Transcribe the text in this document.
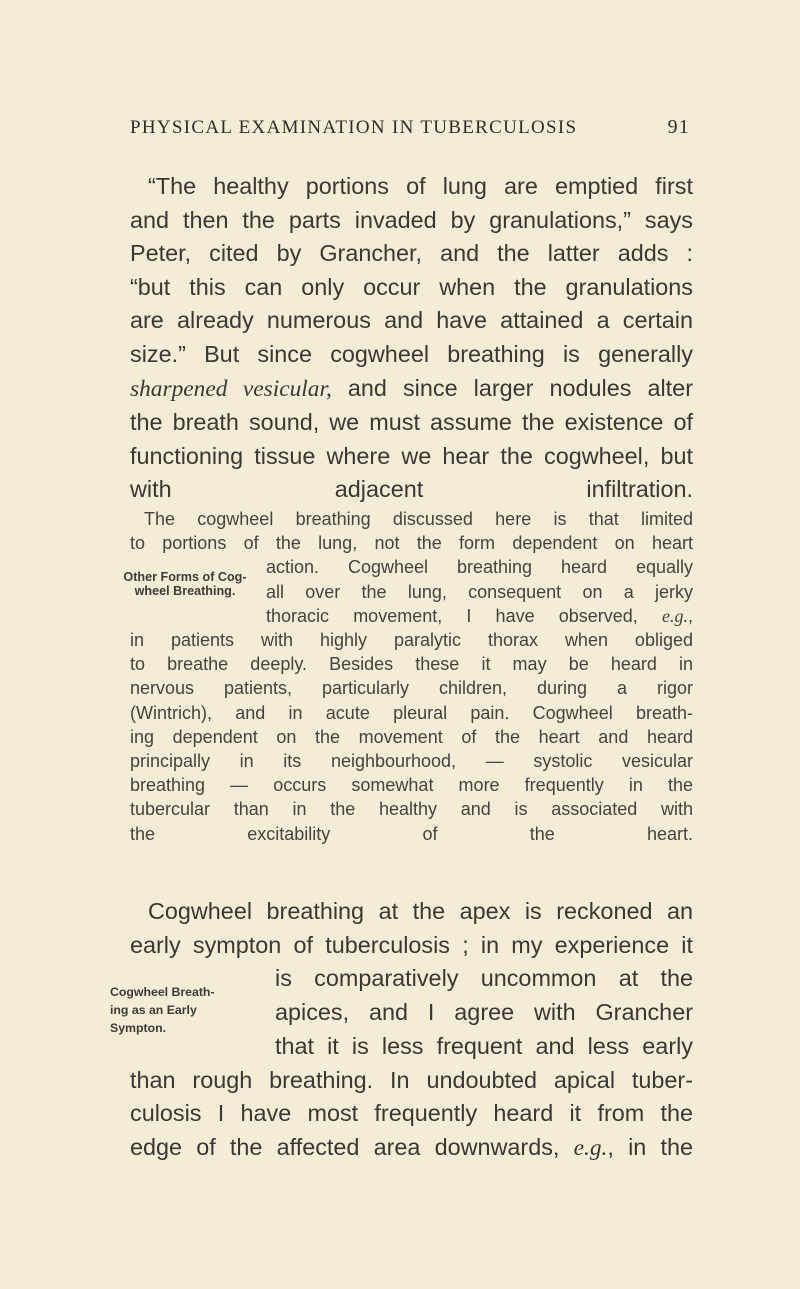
PHYSICAL EXAMINATION IN TUBERCULOSIS	91
“The healthy portions of lung are emptied first
and then the parts invaded by granulations,” says
Peter, cited by Grancher, and the latter adds :
“but this can only occur when the granulations
are already numerous and have attained a certain
size.” But since cogwheel breathing is generally
sharpened vesicular, and since larger nodules alter
the breath sound, we must assume the existence of
functioning tissue where we hear the cogwheel, but
with adjacent infiltration.
The cogwheel breathing discussed here is that limited
to portions of the lung, not the form dependent on heart
action. Cogwheel breathing heard equally
all over the lung, consequent on a jerky
thoracic movement, I have observed, e.g.,
in patients with highly paralytic thorax when obliged
to breathe deeply. Besides these it may be heard in
nervous patients, particularly children, during a rigor
(Wintrich), and in acute pleural pain. Cogwheel breath-
ing dependent on the movement of the heart and heard
principally in its neighbourhood, — systolic vesicular
breathing — occurs somewhat more frequently in the
tubercular than in the healthy and is associated with
the excitability of the heart.
Other Forms of Cog-
wheel Breathing.
Cogwheel breathing at the apex is reckoned an
early sympton of tuberculosis ; in my experience it
is comparatively uncommon at the
apices, and I agree with Grancher
that it is less frequent and less early
than rough breathing. In undoubted apical tuber-
culosis I have most frequently heard it from the
edge of the affected area downwards, e.g., in the
Cogwheel Breath-
ing as an Early
Sympton.
